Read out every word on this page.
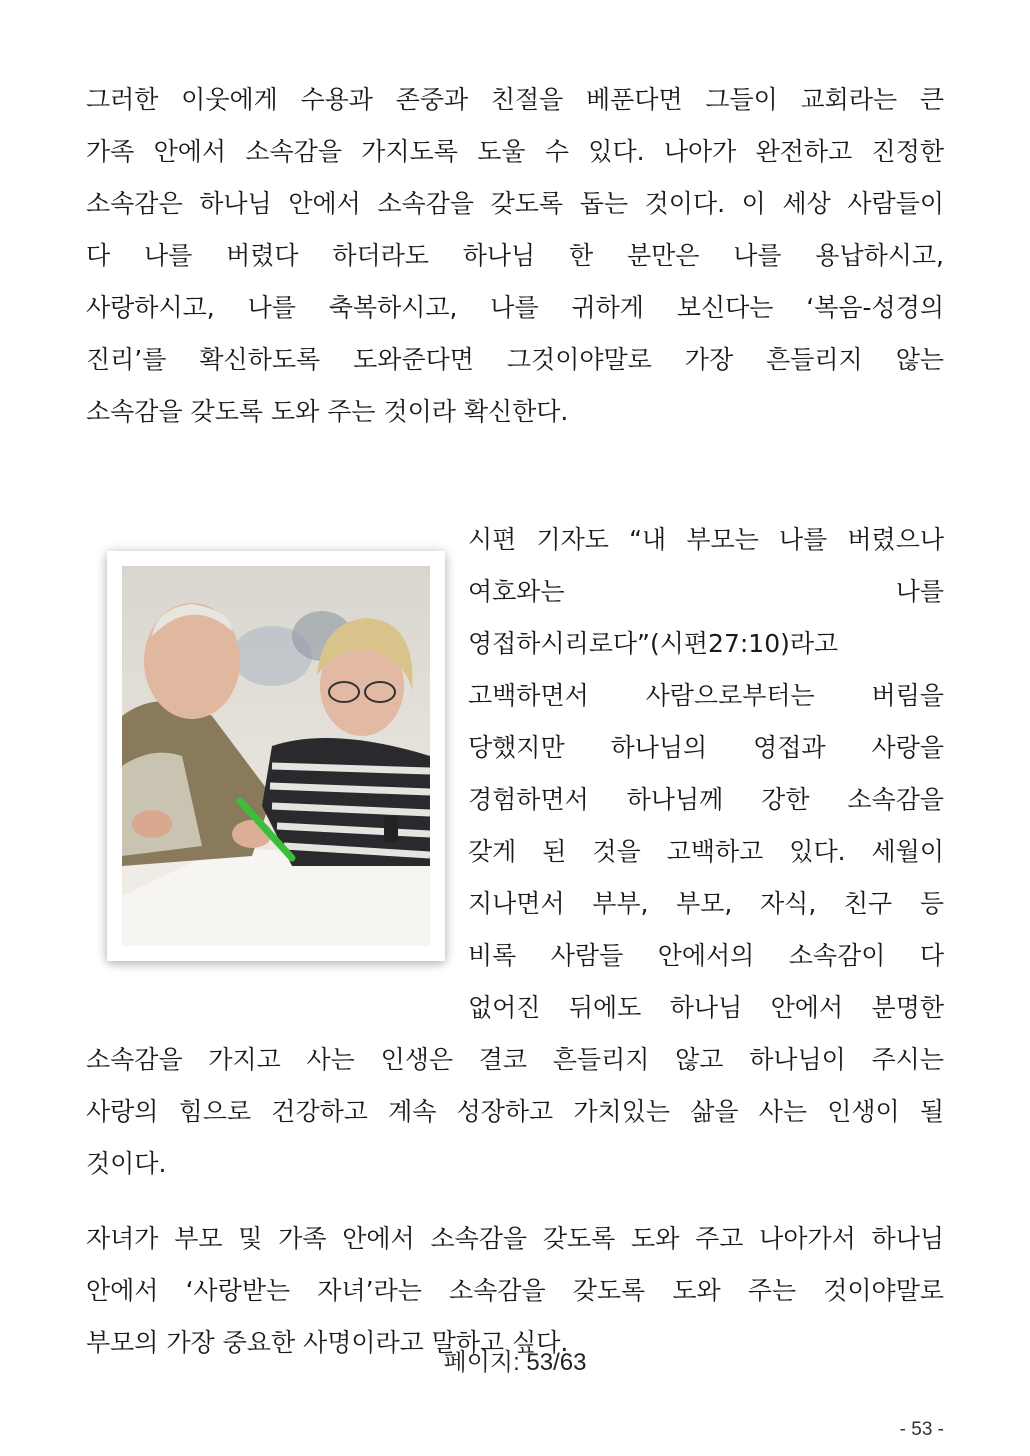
그러한 이웃에게 수용과 존중과 친절을 베푼다면 그들이 교회라는 큰
가족 안에서 소속감을 가지도록 도울 수 있다. 나아가 완전하고 진정한
소속감은 하나님 안에서 소속감을 갖도록 돕는 것이다. 이 세상 사람들이
다 나를 버렸다 하더라도 하나님 한 분만은 나를 용납하시고,
사랑하시고, 나를 축복하시고, 나를 귀하게 보신다는 ‘복음-성경의
진리’를 확신하도록 도와준다면 그것이야말로 가장 흔들리지 않는
소속감을 갖도록 도와 주는 것이라 확신한다.
시편 기자도 “내 부모는 나를 버렸으나
여호와는 나를
영접하시리로다”(시편27:10)라고
고백하면서 사람으로부터는 버림을
당했지만 하나님의 영접과 사랑을
경험하면서 하나님께 강한 소속감을
갖게 된 것을 고백하고 있다. 세월이
지나면서 부부, 부모, 자식, 친구 등
비록 사람들 안에서의 소속감이 다
없어진 뒤에도 하나님 안에서 분명한
소속감을 가지고 사는 인생은 결코 흔들리지 않고 하나님이 주시는
사랑의 힘으로 건강하고 계속 성장하고 가치있는 삶을 사는 인생이 될
것이다.
자녀가 부모 및 가족 안에서 소속감을 갖도록 도와 주고 나아가서 하나님
안에서 ‘사랑받는 자녀’라는 소속감을 갖도록 도와 주는 것이야말로
부모의 가장 중요한 사명이라고 말하고 싶다.
페이지: 53/63
- 53 -
